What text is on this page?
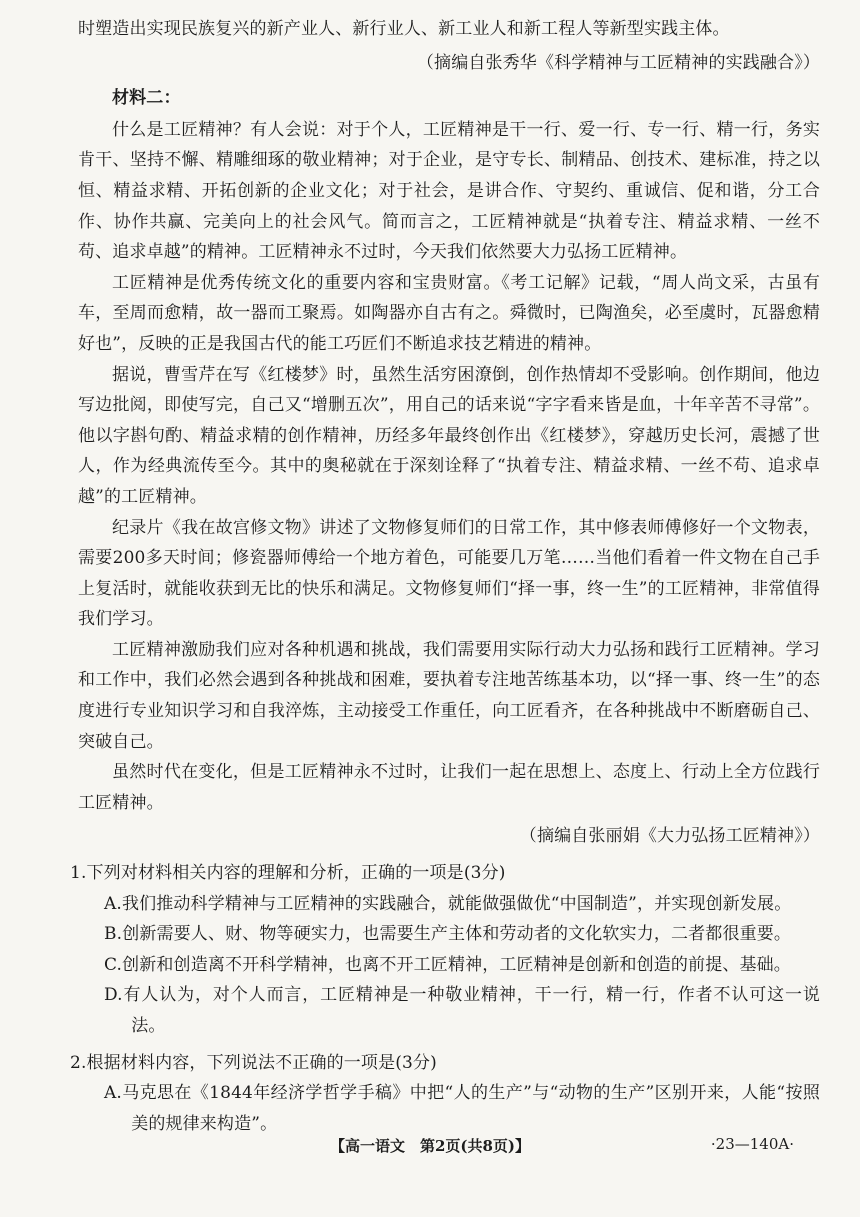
时塑造出实现民族复兴的新产业人、新行业人、新工业人和新工程人等新型实践主体。

（摘编自张秀华《科学精神与工匠精神的实践融合》）

材料二：

什么是工匠精神？有人会说：对于个人，工匠精神是干一行、爱一行、专一行、精一行，务实肯干、坚持不懈、精雕细琢的敬业精神；对于企业，是守专长、制精品、创技术、建标准，持之以恒、精益求精、开拓创新的企业文化；对于社会，是讲合作、守契约、重诚信、促和谐，分工合作、协作共赢、完美向上的社会风气。简而言之，工匠精神就是“执着专注、精益求精、一丝不苟、追求卓越”的精神。工匠精神永不过时，今天我们依然要大力弘扬工匠精神。

工匠精神是优秀传统文化的重要内容和宝贵财富。《考工记解》记载，“周人尚文采，古虽有车，至周而愈精，故一器而工聚焉。如陶器亦自古有之。舜微时，已陶渔矣，必至虞时，瓦器愈精好也”，反映的正是我国古代的能工巧匠们不断追求技艺精进的精神。

据说，曹雪芹在写《红楼梦》时，虽然生活穷困潦倒，创作热情却不受影响。创作期间，他边写边批阅，即使写完，自己又“增删五次”，用自己的话来说“字字看来皆是血，十年辛苦不寻常”。他以字斟句酌、精益求精的创作精神，历经多年最终创作出《红楼梦》，穿越历史长河，震撼了世人，作为经典流传至今。其中的奥秘就在于深刻诠释了“执着专注、精益求精、一丝不苟、追求卓越”的工匠精神。

纪录片《我在故宫修文物》讲述了文物修复师们的日常工作，其中修表师傅修好一个文物表，需要200多天时间；修瓷器师傅给一个地方着色，可能要几万笔……当他们看着一件文物在自己手上复活时，就能收获到无比的快乐和满足。文物修复师们“择一事，终一生”的工匠精神，非常值得我们学习。

工匠精神激励我们应对各种机遇和挑战，我们需要用实际行动大力弘扬和践行工匠精神。学习和工作中，我们必然会遇到各种挑战和困难，要执着专注地苦练基本功，以“择一事、终一生”的态度进行专业知识学习和自我淬炼，主动接受工作重任，向工匠看齐，在各种挑战中不断磨砺自己、突破自己。

虽然时代在变化，但是工匠精神永不过时，让我们一起在思想上、态度上、行动上全方位践行工匠精神。

（摘编自张丽娟《大力弘扬工匠精神》）

1.下列对材料相关内容的理解和分析，正确的一项是(3分)

A.我们推动科学精神与工匠精神的实践融合，就能做强做优“中国制造”，并实现创新发展。

B.创新需要人、财、物等硬实力，也需要生产主体和劳动者的文化软实力，二者都很重要。

C.创新和创造离不开科学精神，也离不开工匠精神，工匠精神是创新和创造的前提、基础。

D.有人认为，对个人而言，工匠精神是一种敬业精神，干一行，精一行，作者不认可这一说法。

2.根据材料内容，下列说法不正确的一项是(3分)

A.马克思在《1844年经济学哲学手稿》中把“人的生产”与“动物的生产”区别开来，人能“按照美的规律来构造”。

【高一语文　第2页(共8页)】	·23—140A·
